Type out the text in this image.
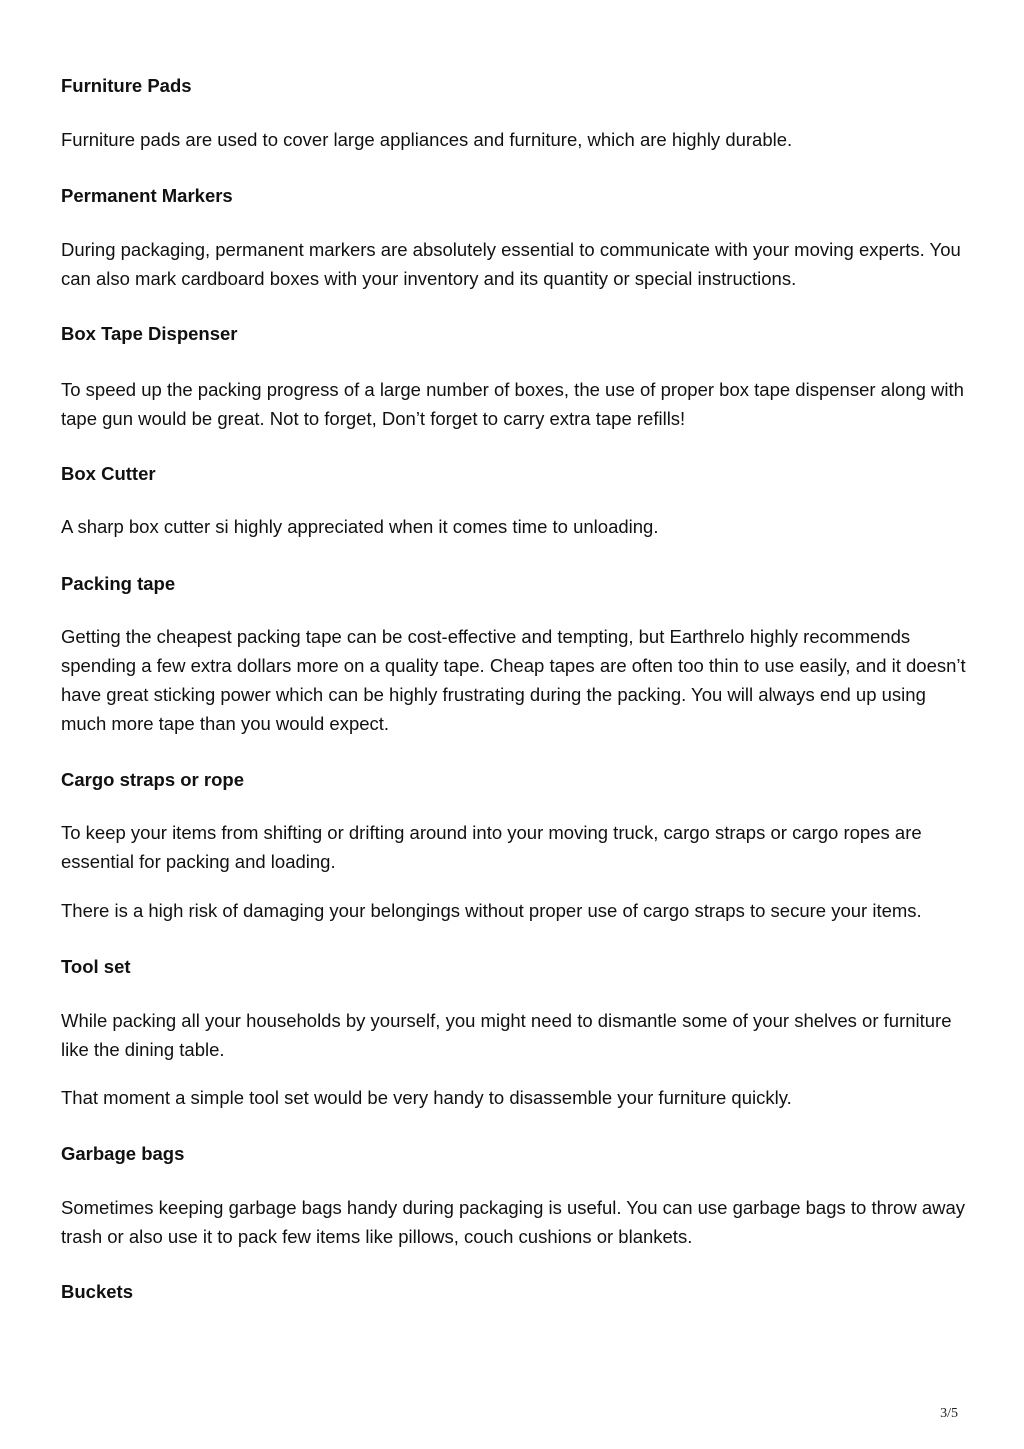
Furniture Pads
Furniture pads are used to cover large appliances and furniture, which are highly durable.
Permanent Markers
During packaging, permanent markers are absolutely essential to communicate with your moving experts. You can also mark cardboard boxes with your inventory and its quantity or special instructions.
Box Tape Dispenser
To speed up the packing progress of a large number of boxes, the use of proper box tape dispenser along with tape gun would be great. Not to forget, Don’t forget to carry extra tape refills!
Box Cutter
A sharp box cutter si highly appreciated when it comes time to unloading.
Packing tape
Getting the cheapest packing tape can be cost-effective and tempting, but Earthrelo highly recommends spending a few extra dollars more on a quality tape. Cheap tapes are often too thin to use easily, and it doesn’t have great sticking power which can be highly frustrating during the packing. You will always end up using much more tape than you would expect.
Cargo straps or rope
To keep your items from shifting or drifting around into your moving truck, cargo straps or cargo ropes are essential for packing and loading.
There is a high risk of damaging your belongings without proper use of cargo straps to secure your items.
Tool set
While packing all your households by yourself, you might need to dismantle some of your shelves or furniture like the dining table.
That moment a simple tool set would be very handy to disassemble your furniture quickly.
Garbage bags
Sometimes keeping garbage bags handy during packaging is useful. You can use garbage bags to throw away trash or also use it to pack few items like pillows, couch cushions or blankets.
Buckets
3/5
